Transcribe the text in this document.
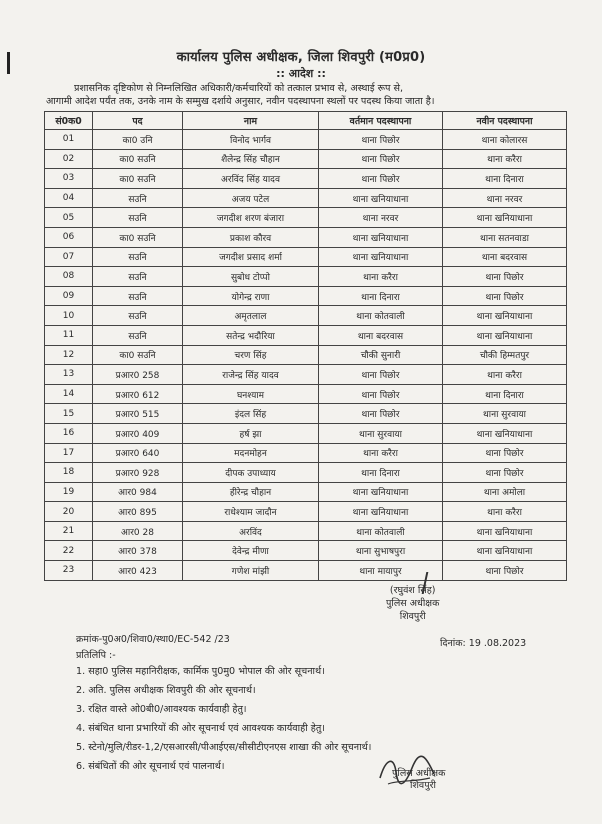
कार्यालय पुलिस अधीक्षक, जिला शिवपुरी (म0प्र0)
:: आदेश ::
प्रशासनिक दृष्टिकोण से निम्नलिखित अधिकारी/कर्मचारियों को तत्काल प्रभाव से, अस्थाई रूप से,
आगामी आदेश पर्यंत तक, उनके नाम के सम्मुख दर्शाये अनुसार, नवीन पदस्थापना स्थलों पर पदस्थ किया जाता है।
सं0क0	पद	नाम	वर्तमान पदस्थापना	नवीन पदस्थापना
01	का0 उनि	विनोद भार्गव	थाना पिछोर	थाना कोलारस
02	का0 सउनि	शैलेन्द्र सिंह चौहान	थाना पिछोर	थाना करैरा
03	का0 सउनि	अरविंद सिंह यादव	थाना पिछोर	थाना दिनारा
04	सउनि	अजय पटेल	थाना खनियाधाना	थाना नरवर
05	सउनि	जगदीश शरण बंजारा	थाना नरवर	थाना खनियाधाना
06	का0 सउनि	प्रकाश कौरव	थाना खनियाधाना	थाना सतनवाडा
07	सउनि	जगदीश प्रसाद शर्मा	थाना खनियाधाना	थाना बदरवास
08	सउनि	सुबोध टोप्पो	थाना करैरा	थाना पिछोर
09	सउनि	योगेन्द्र राणा	थाना दिनारा	थाना पिछोर
10	सउनि	अमृतलाल	थाना कोतवाली	थाना खनियाधाना
11	सउनि	सतेन्द्र भदौरिया	थाना बदरवास	थाना खनियाधाना
12	का0 सउनि	चरण सिंह	चौकी सुनारी	चौकी हिम्मतपुर
13	प्रआर0 258	राजेन्द्र सिंह यादव	थाना पिछोर	थाना करैरा
14	प्रआर0 612	घनश्याम	थाना पिछोर	थाना दिनारा
15	प्रआर0 515	इंदल सिंह	थाना पिछोर	थाना सुरवाया
16	प्रआर0 409	हर्ष झा	थाना सुरवाया	थाना खनियाधाना
17	प्रआर0 640	मदनमोहन	थाना करैरा	थाना पिछोर
18	प्रआर0 928	दीपक उपाध्याय	थाना दिनारा	थाना पिछोर
19	आर0 984	हीरेन्द्र चौहान	थाना खनियाधाना	थाना अमोला
20	आर0 895	राधेश्याम जादौन	थाना खनियाधाना	थाना करैरा
21	आर0 28	अरविंद	थाना कोतवाली	थाना खनियाधाना
22	आर0 378	देवेन्द्र मीणा	थाना सुभाषपुरा	थाना खनियाधाना
23	आर0 423	गणेश मांझी	थाना मायापुर	थाना पिछोर
(रघुवंश सिंह)
पुलिस अधीक्षक
शिवपुरी
क्रमांक-पु0अ0/शिवा0/स्था0/EC-542 /23	दिनांक: 19 .08.2023
प्रतिलिपि :-
1. सहा0 पुलिस महानिरीक्षक, कार्मिक पु0मु0 भोपाल की ओर सूचनार्थ।
2. अति. पुलिस अधीक्षक शिवपुरी की ओर सूचनार्थ।
3. रक्षित वास्ते ओ0बी0/आवश्यक कार्यवाही हेतु।
4. संबंधित थाना प्रभारियों की ओर सूचनार्थ एवं आवश्यक कार्यवाही हेतु।
5. स्टेनो/मुलि/रीडर-1,2/एसआरसी/पीआईएस/सीसीटीएनएस शाखा की ओर सूचनार्थ।
6. संबंधितों की ओर सूचनार्थ एवं पालनार्थ।
पुलिस अधीक्षक
शिवपुरी
